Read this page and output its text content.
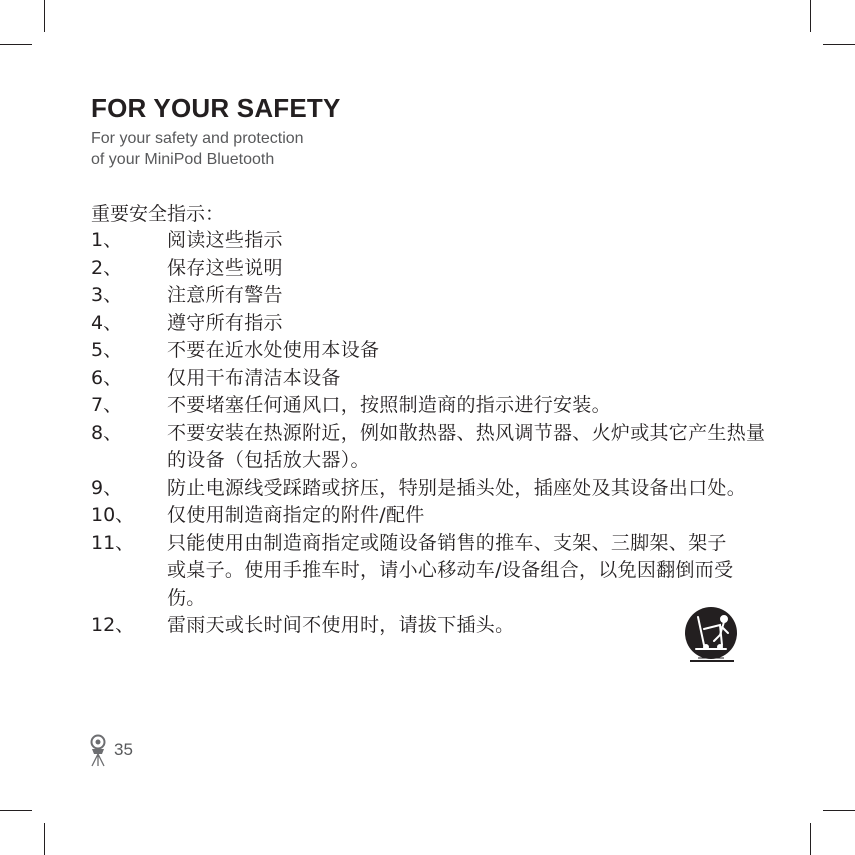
FOR YOUR SAFETY
For your safety and protection
of your MiniPod Bluetooth
重要安全指示：
1、	阅读这些指示
2、	保存这些说明
3、	注意所有警告
4、	遵守所有指示
5、	不要在近水处使用本设备
6、	仅用干布清洁本设备
7、	不要堵塞任何通风口，按照制造商的指示进行安装。
8、	不要安装在热源附近，例如散热器、热风调节器、火炉或其它产生热量的设备（包括放大器）。
9、	防止电源线受踩踏或挤压，特别是插头处，插座处及其设备出口处。
10、	仅使用制造商指定的附件/配件
11、	只能使用由制造商指定或随设备销售的推车、支架、三脚架、架子或桌子。使用手推车时，请小心移动车/设备组合，以免因翻倒而受伤。
12、	雷雨天或长时间不使用时，请拔下插头。
35
